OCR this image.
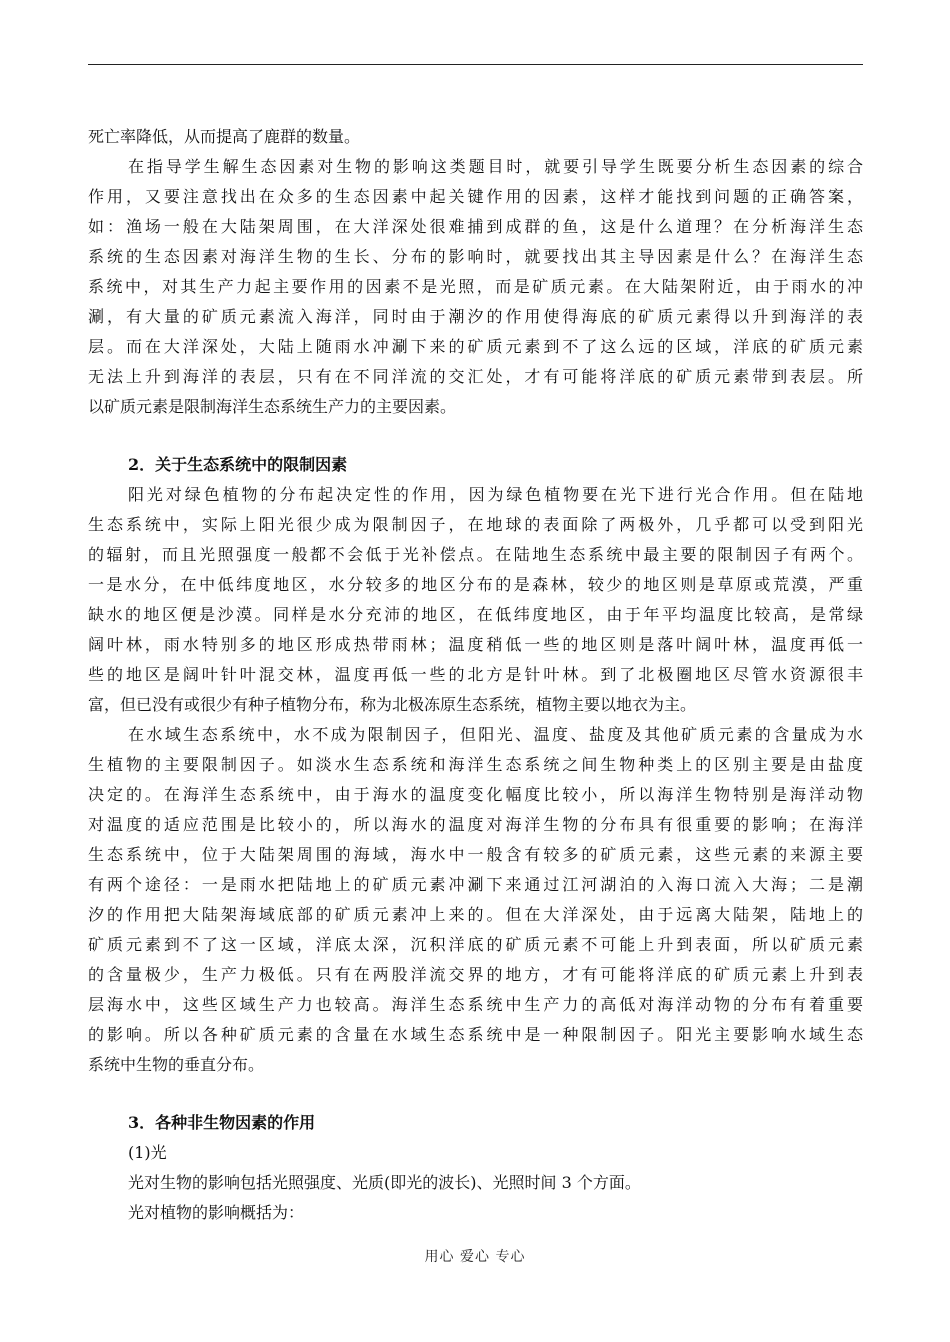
死亡率降低，从而提高了鹿群的数量。
在指导学生解生态因素对生物的影响这类题目时，就要引导学生既要分析生态因素的综合
作用，又要注意找出在众多的生态因素中起关键作用的因素，这样才能找到问题的正确答案，
如：渔场一般在大陆架周围，在大洋深处很难捕到成群的鱼，这是什么道理？在分析海洋生态
系统的生态因素对海洋生物的生长、分布的影响时，就要找出其主导因素是什么？在海洋生态
系统中，对其生产力起主要作用的因素不是光照，而是矿质元素。在大陆架附近，由于雨水的冲
涮，有大量的矿质元素流入海洋，同时由于潮汐的作用使得海底的矿质元素得以升到海洋的表
层。而在大洋深处，大陆上随雨水冲涮下来的矿质元素到不了这么远的区域，洋底的矿质元素
无法上升到海洋的表层，只有在不同洋流的交汇处，才有可能将洋底的矿质元素带到表层。所
以矿质元素是限制海洋生态系统生产力的主要因素。
2．关于生态系统中的限制因素
阳光对绿色植物的分布起决定性的作用，因为绿色植物要在光下进行光合作用。但在陆地
生态系统中，实际上阳光很少成为限制因子，在地球的表面除了两极外，几乎都可以受到阳光
的辐射，而且光照强度一般都不会低于光补偿点。在陆地生态系统中最主要的限制因子有两个。
一是水分，在中低纬度地区，水分较多的地区分布的是森林，较少的地区则是草原或荒漠，严重
缺水的地区便是沙漠。同样是水分充沛的地区，在低纬度地区，由于年平均温度比较高，是常绿
阔叶林，雨水特别多的地区形成热带雨林；温度稍低一些的地区则是落叶阔叶林，温度再低一
些的地区是阔叶针叶混交林，温度再低一些的北方是针叶林。到了北极圈地区尽管水资源很丰
富，但已没有或很少有种子植物分布，称为北极冻原生态系统，植物主要以地衣为主。
在水域生态系统中，水不成为限制因子，但阳光、温度、盐度及其他矿质元素的含量成为水
生植物的主要限制因子。如淡水生态系统和海洋生态系统之间生物种类上的区别主要是由盐度
决定的。在海洋生态系统中，由于海水的温度变化幅度比较小，所以海洋生物特别是海洋动物
对温度的适应范围是比较小的，所以海水的温度对海洋生物的分布具有很重要的影响；在海洋
生态系统中，位于大陆架周围的海域，海水中一般含有较多的矿质元素，这些元素的来源主要
有两个途径：一是雨水把陆地上的矿质元素冲涮下来通过江河湖泊的入海口流入大海；二是潮
汐的作用把大陆架海域底部的矿质元素冲上来的。但在大洋深处，由于远离大陆架，陆地上的
矿质元素到不了这一区域，洋底太深，沉积洋底的矿质元素不可能上升到表面，所以矿质元素
的含量极少，生产力极低。只有在两股洋流交界的地方，才有可能将洋底的矿质元素上升到表
层海水中，这些区域生产力也较高。海洋生态系统中生产力的高低对海洋动物的分布有着重要
的影响。所以各种矿质元素的含量在水域生态系统中是一种限制因子。阳光主要影响水域生态
系统中生物的垂直分布。
3．各种非生物因素的作用
(1)光
光对生物的影响包括光照强度、光质(即光的波长)、光照时间 3 个方面。
光对植物的影响概括为：
用心 爱心 专心
